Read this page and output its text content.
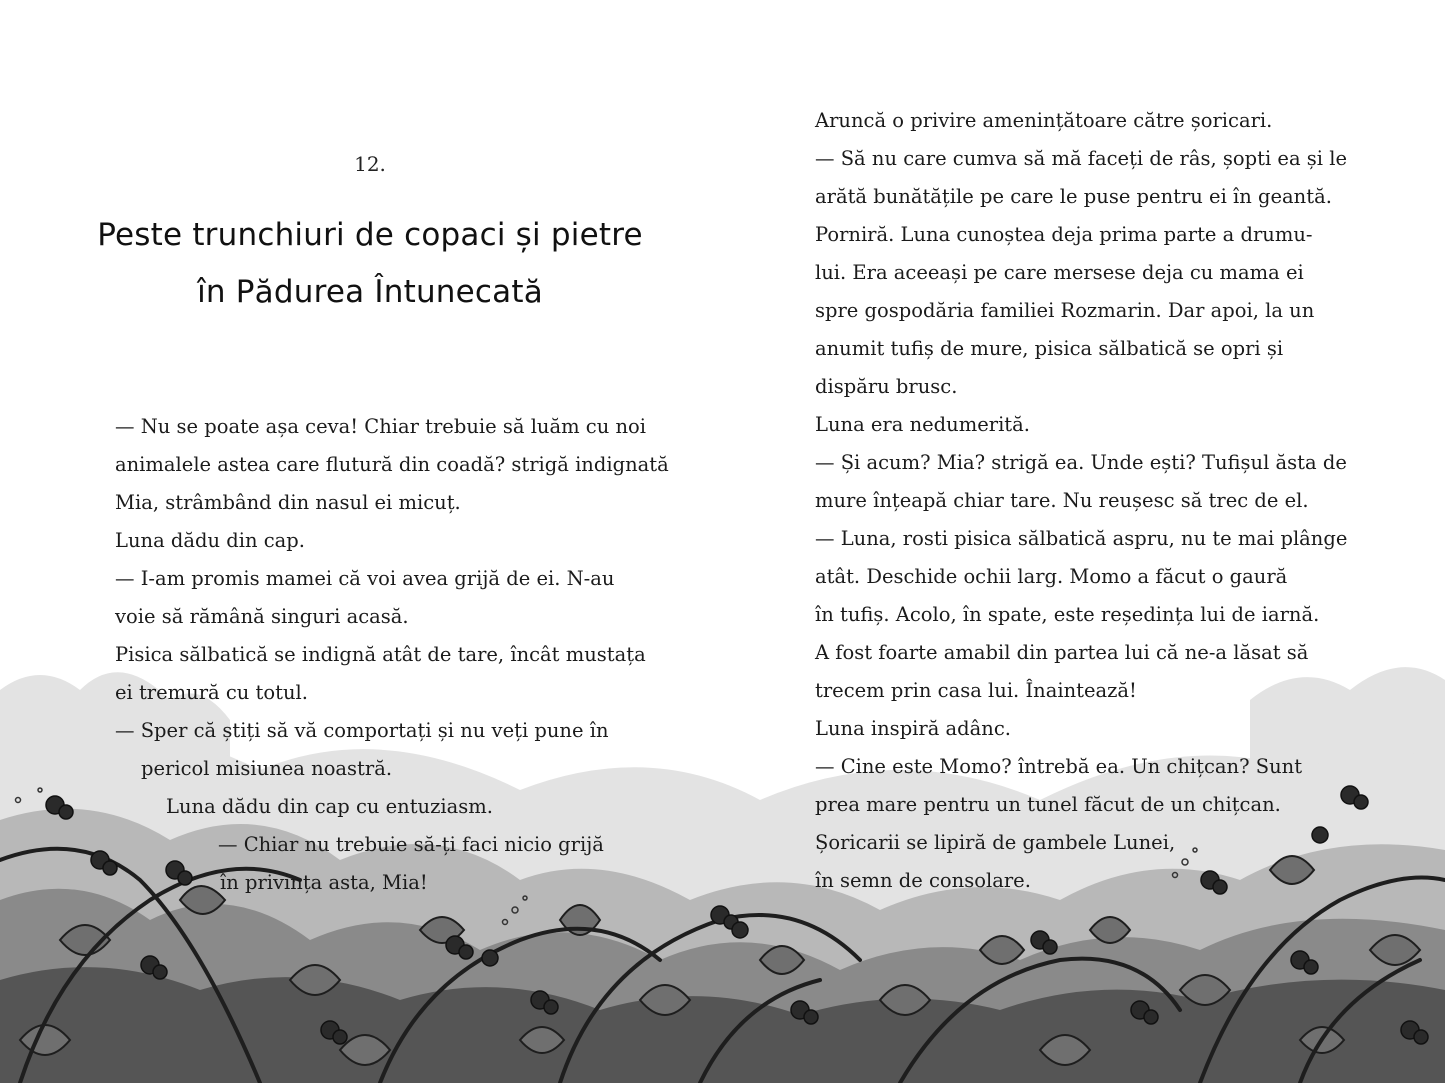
12.
Peste trunchiuri de copaci și pietre
în Pădurea Întunecată
— Nu se poate așa ceva! Chiar trebuie să luăm cu noi
animalele astea care flutură din coadă? strigă indignată
Mia, strâmbând din nasul ei micuț.
Luna dădu din cap.
— I-am promis mamei că voi avea grijă de ei. N-au
voie să rămână singuri acasă.
Pisica sălbatică se indignă atât de tare, încât mustața
ei tremură cu totul.
— Sper că știți să vă comportați și nu veți pune în
pericol misiunea noastră.
Luna dădu din cap cu entuziasm.
— Chiar nu trebuie să-ți faci nicio grijă
în privința asta, Mia!
Aruncă o privire amenințătoare către șoricari.
— Să nu care cumva să mă faceți de râs, șopti ea și le
arătă bunătățile pe care le puse pentru ei în geantă.
Porniră. Luna cunoștea deja prima parte a drumu-
lui. Era aceeași pe care mersese deja cu mama ei
spre gospodăria familiei Rozmarin. Dar apoi, la un
anumit tufiș de mure, pisica sălbatică se opri și
dispăru brusc.
Luna era nedumerită.
— Și acum? Mia? strigă ea. Unde ești? Tufișul ăsta de
mure înțeapă chiar tare. Nu reușesc să trec de el.
— Luna, rosti pisica sălbatică aspru, nu te mai plânge
atât. Deschide ochii larg. Momo a făcut o gaură
în tufiș. Acolo, în spate, este reședința lui de iarnă.
A fost foarte amabil din partea lui că ne-a lăsat să
trecem prin casa lui. Înaintează!
Luna inspiră adânc.
— Cine este Momo? întrebă ea. Un chițcan? Sunt
prea mare pentru un tunel făcut de un chițcan.
Șoricarii se lipiră de gambele Lunei,
în semn de consolare.
